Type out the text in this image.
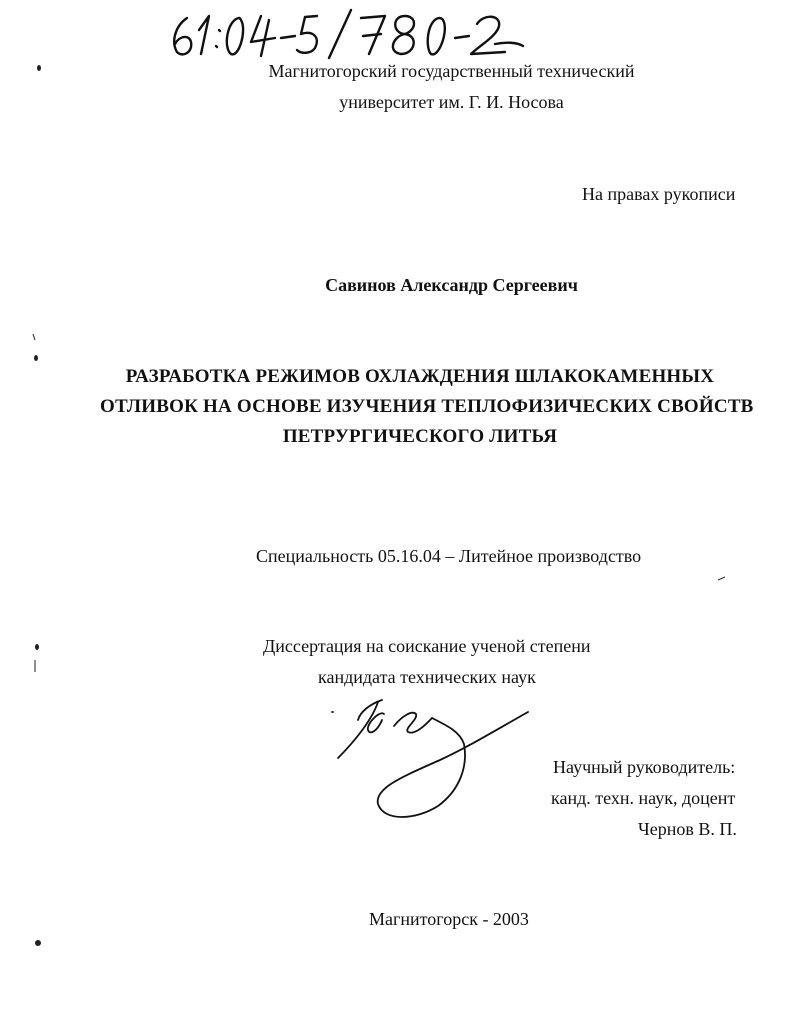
Магнитогорский государственный технический
университет им. Г. И. Носова
На правах рукописи
Савинов Александр Сергеевич
РАЗРАБОТКА РЕЖИМОВ ОХЛАЖДЕНИЯ ШЛАКОКАМЕННЫХ
ОТЛИВОК НА ОСНОВЕ ИЗУЧЕНИЯ ТЕПЛОФИЗИЧЕСКИХ СВОЙСТВ
ПЕТРУРГИЧЕСКОГО ЛИТЬЯ
Специальность 05.16.04 – Литейное производство
Диссертация на соискание ученой степени
кандидата технических наук
Научный руководитель:
канд. техн. наук, доцент
Чернов В. П.
Магнитогорск - 2003
